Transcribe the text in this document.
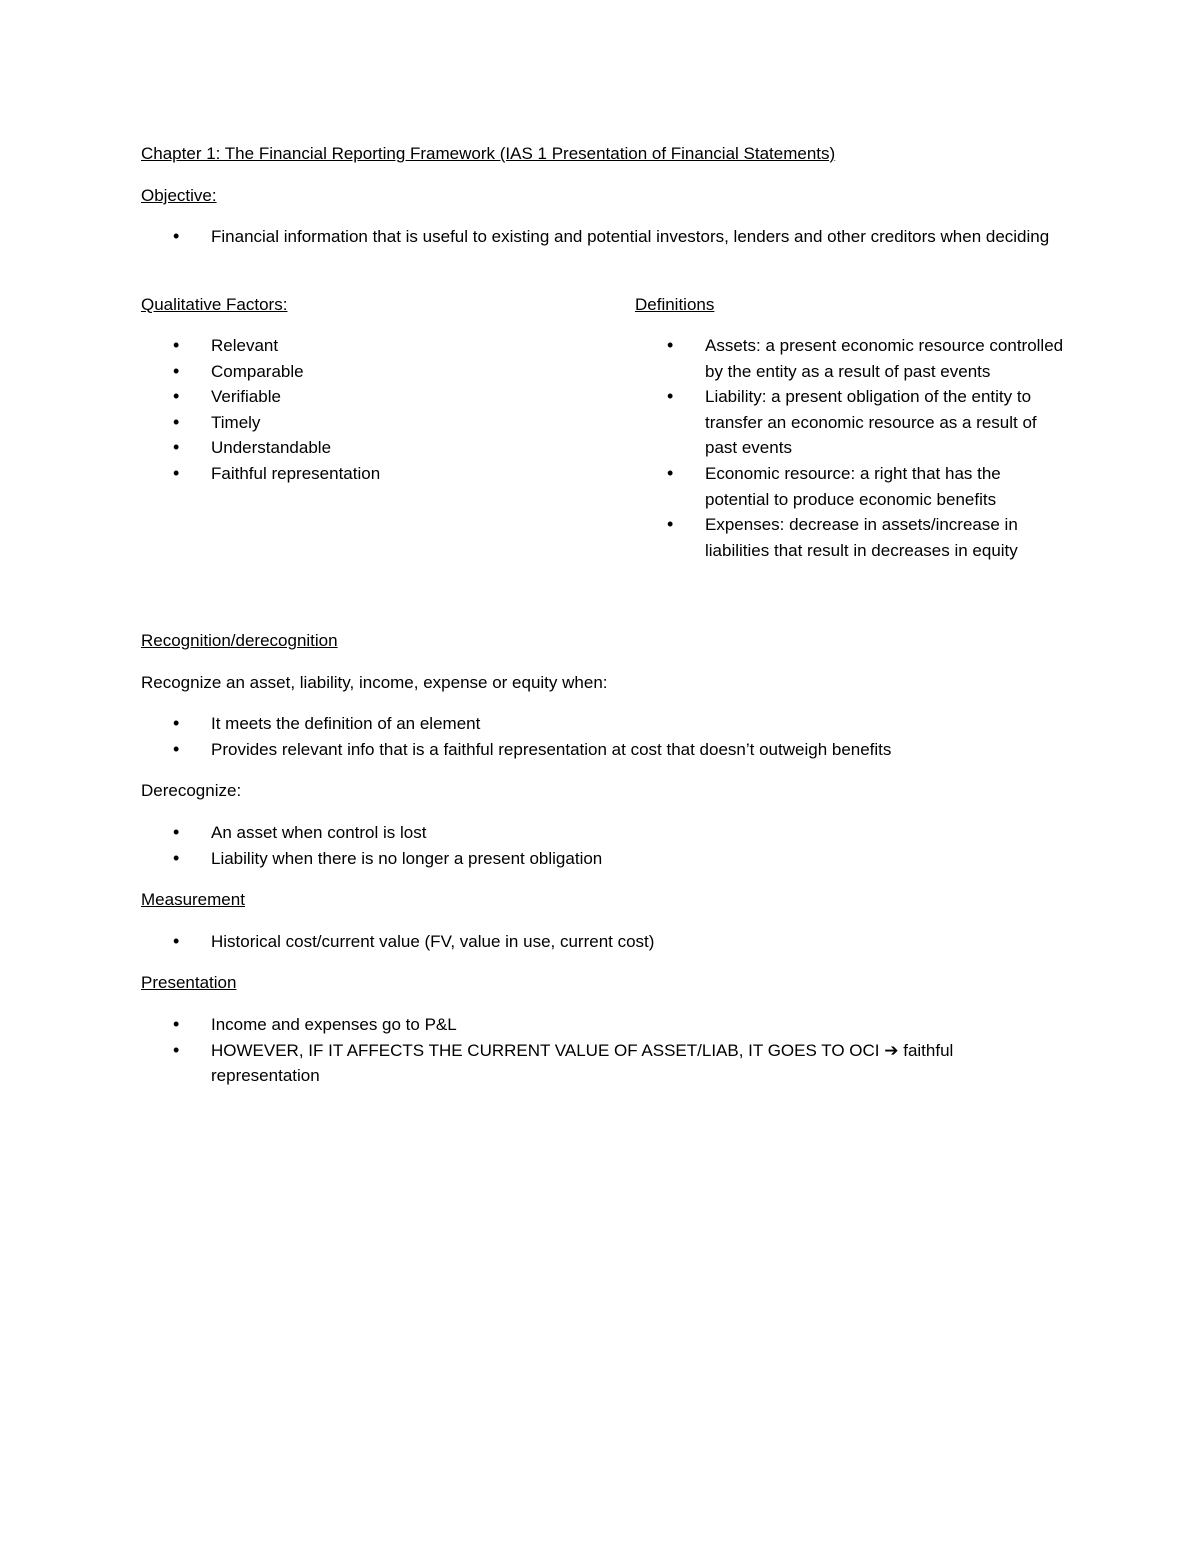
Chapter 1: The Financial Reporting Framework (IAS 1 Presentation of Financial Statements)
Objective:
• Financial information that is useful to existing and potential investors, lenders and other creditors when deciding
Qualitative Factors:
• Relevant
• Comparable
• Verifiable
• Timely
• Understandable
• Faithful representation
Definitions
• Assets: a present economic resource controlled by the entity as a result of past events
• Liability: a present obligation of the entity to transfer an economic resource as a result of past events
• Economic resource: a right that has the potential to produce economic benefits
• Expenses: decrease in assets/increase in liabilities that result in decreases in equity
Recognition/derecognition
Recognize an asset, liability, income, expense or equity when:
• It meets the definition of an element
• Provides relevant info that is a faithful representation at cost that doesn’t outweigh benefits
Derecognize:
• An asset when control is lost
• Liability when there is no longer a present obligation
Measurement
• Historical cost/current value (FV, value in use, current cost)
Presentation
• Income and expenses go to P&L
• HOWEVER, IF IT AFFECTS THE CURRENT VALUE OF ASSET/LIAB, IT GOES TO OCI ➔ faithful representation
